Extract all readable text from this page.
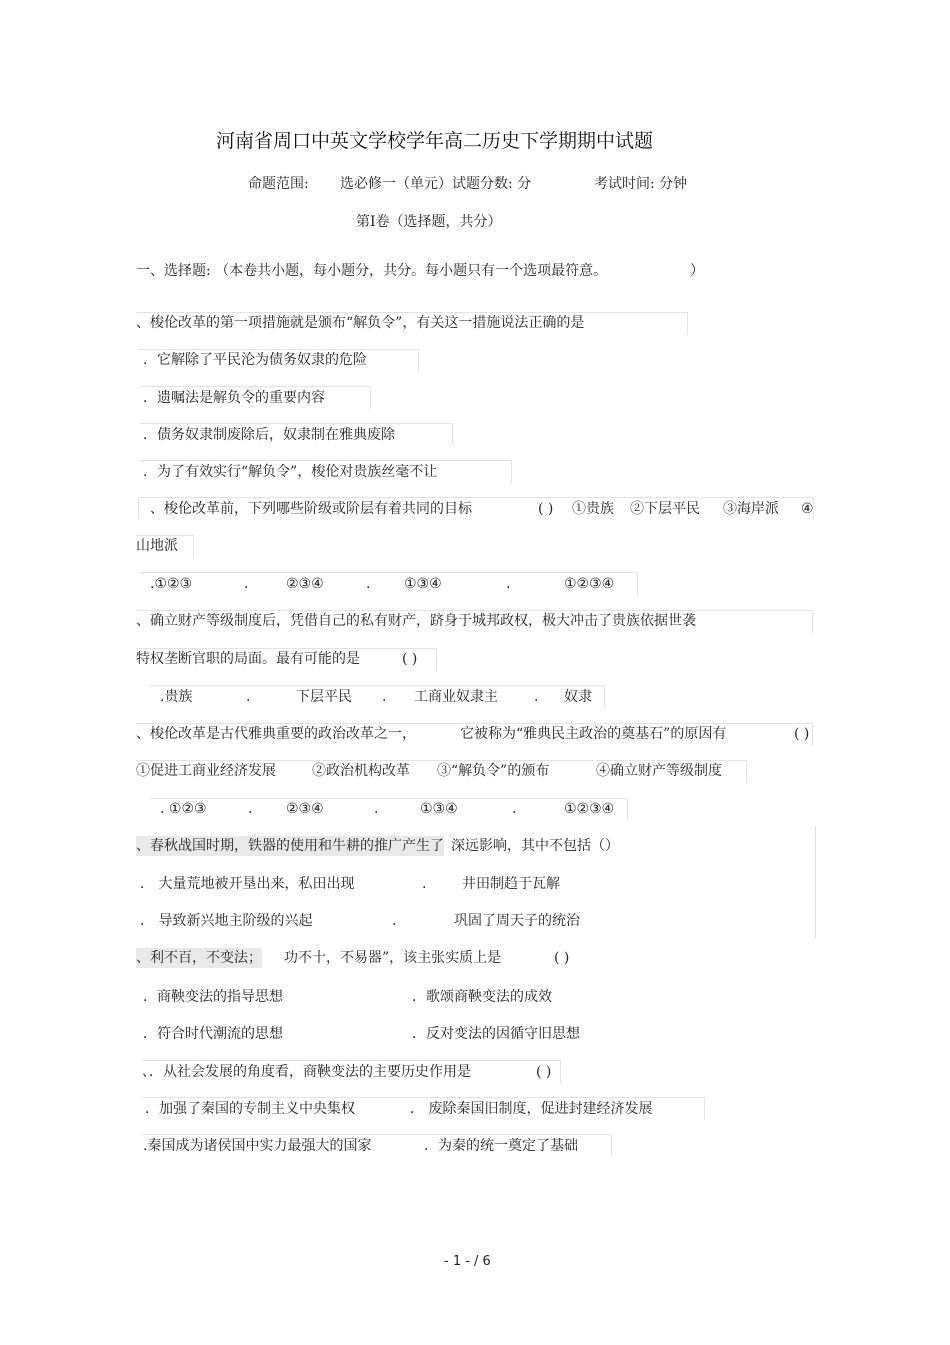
河南省周口中英文学校学年高二历史下学期期中试题
命题范围: 选必修一（单元）试题分数: 分	考试时间: 分钟
第Ⅰ卷（选择题，共分）
一、选择题: （本卷共小题，每小题分，共分。每小题只有一个选项最符意。	）
、梭伦改革的第一项措施就是颁布“解负令”，有关这一措施说法正确的是
．它解除了平民沦为债务奴隶的危险
．遗嘱法是解负令的重要内容
．债务奴隶制废除后，奴隶制在雅典废除
．为了有效实行“解负令”，梭伦对贵族丝毫不让
、梭伦改革前，下列哪些阶级或阶层有着共同的目标	( ) ①贵族 ②下层平民 ③海岸派 ④
山地派
.①②③	.	②③④	. ①③④	.	①②③④
、确立财产等级制度后，凭借自己的私有财产，跻身于城邦政权，极大冲击了贵族依据世袭
特权垄断官职的局面。最有可能的是	( )
.贵族	.	下层平民 . 工商业奴隶主	. 奴隶
、梭伦改革是古代雅典重要的政治改革之一，	它被称为“雅典民主政治的奠基石”的原因有	( )
①促进工商业经济发展	②政治机构改革 ③“解负令”的颁布	④确立财产等级制度
. ①②③	. ②③④	.	①③④	.	①②③④
、春秋战国时期，铁器的使用和牛耕的推广产生了 深远影响，其中不包括（）
． 大量荒地被开垦出来，私田出现	.	井田制趋于瓦解
． 导致新兴地主阶级的兴起	.	巩固了周天子的统治
、利不百，不变法； 功不十，不易器”，该主张实质上是	( )
．商鞅变法的指导思想	．歌颂商鞅变法的成效
．符合时代潮流的思想	．反对变法的因循守旧思想
、．从社会发展的角度看，商鞅变法的主要历史作用是	( )
．加强了秦国的专制主义中央集权	． 废除秦国旧制度，促进封建经济发展
.秦国成为诸侯国中实力最强大的国家	．为秦的统一奠定了基础
- 1 - / 6
